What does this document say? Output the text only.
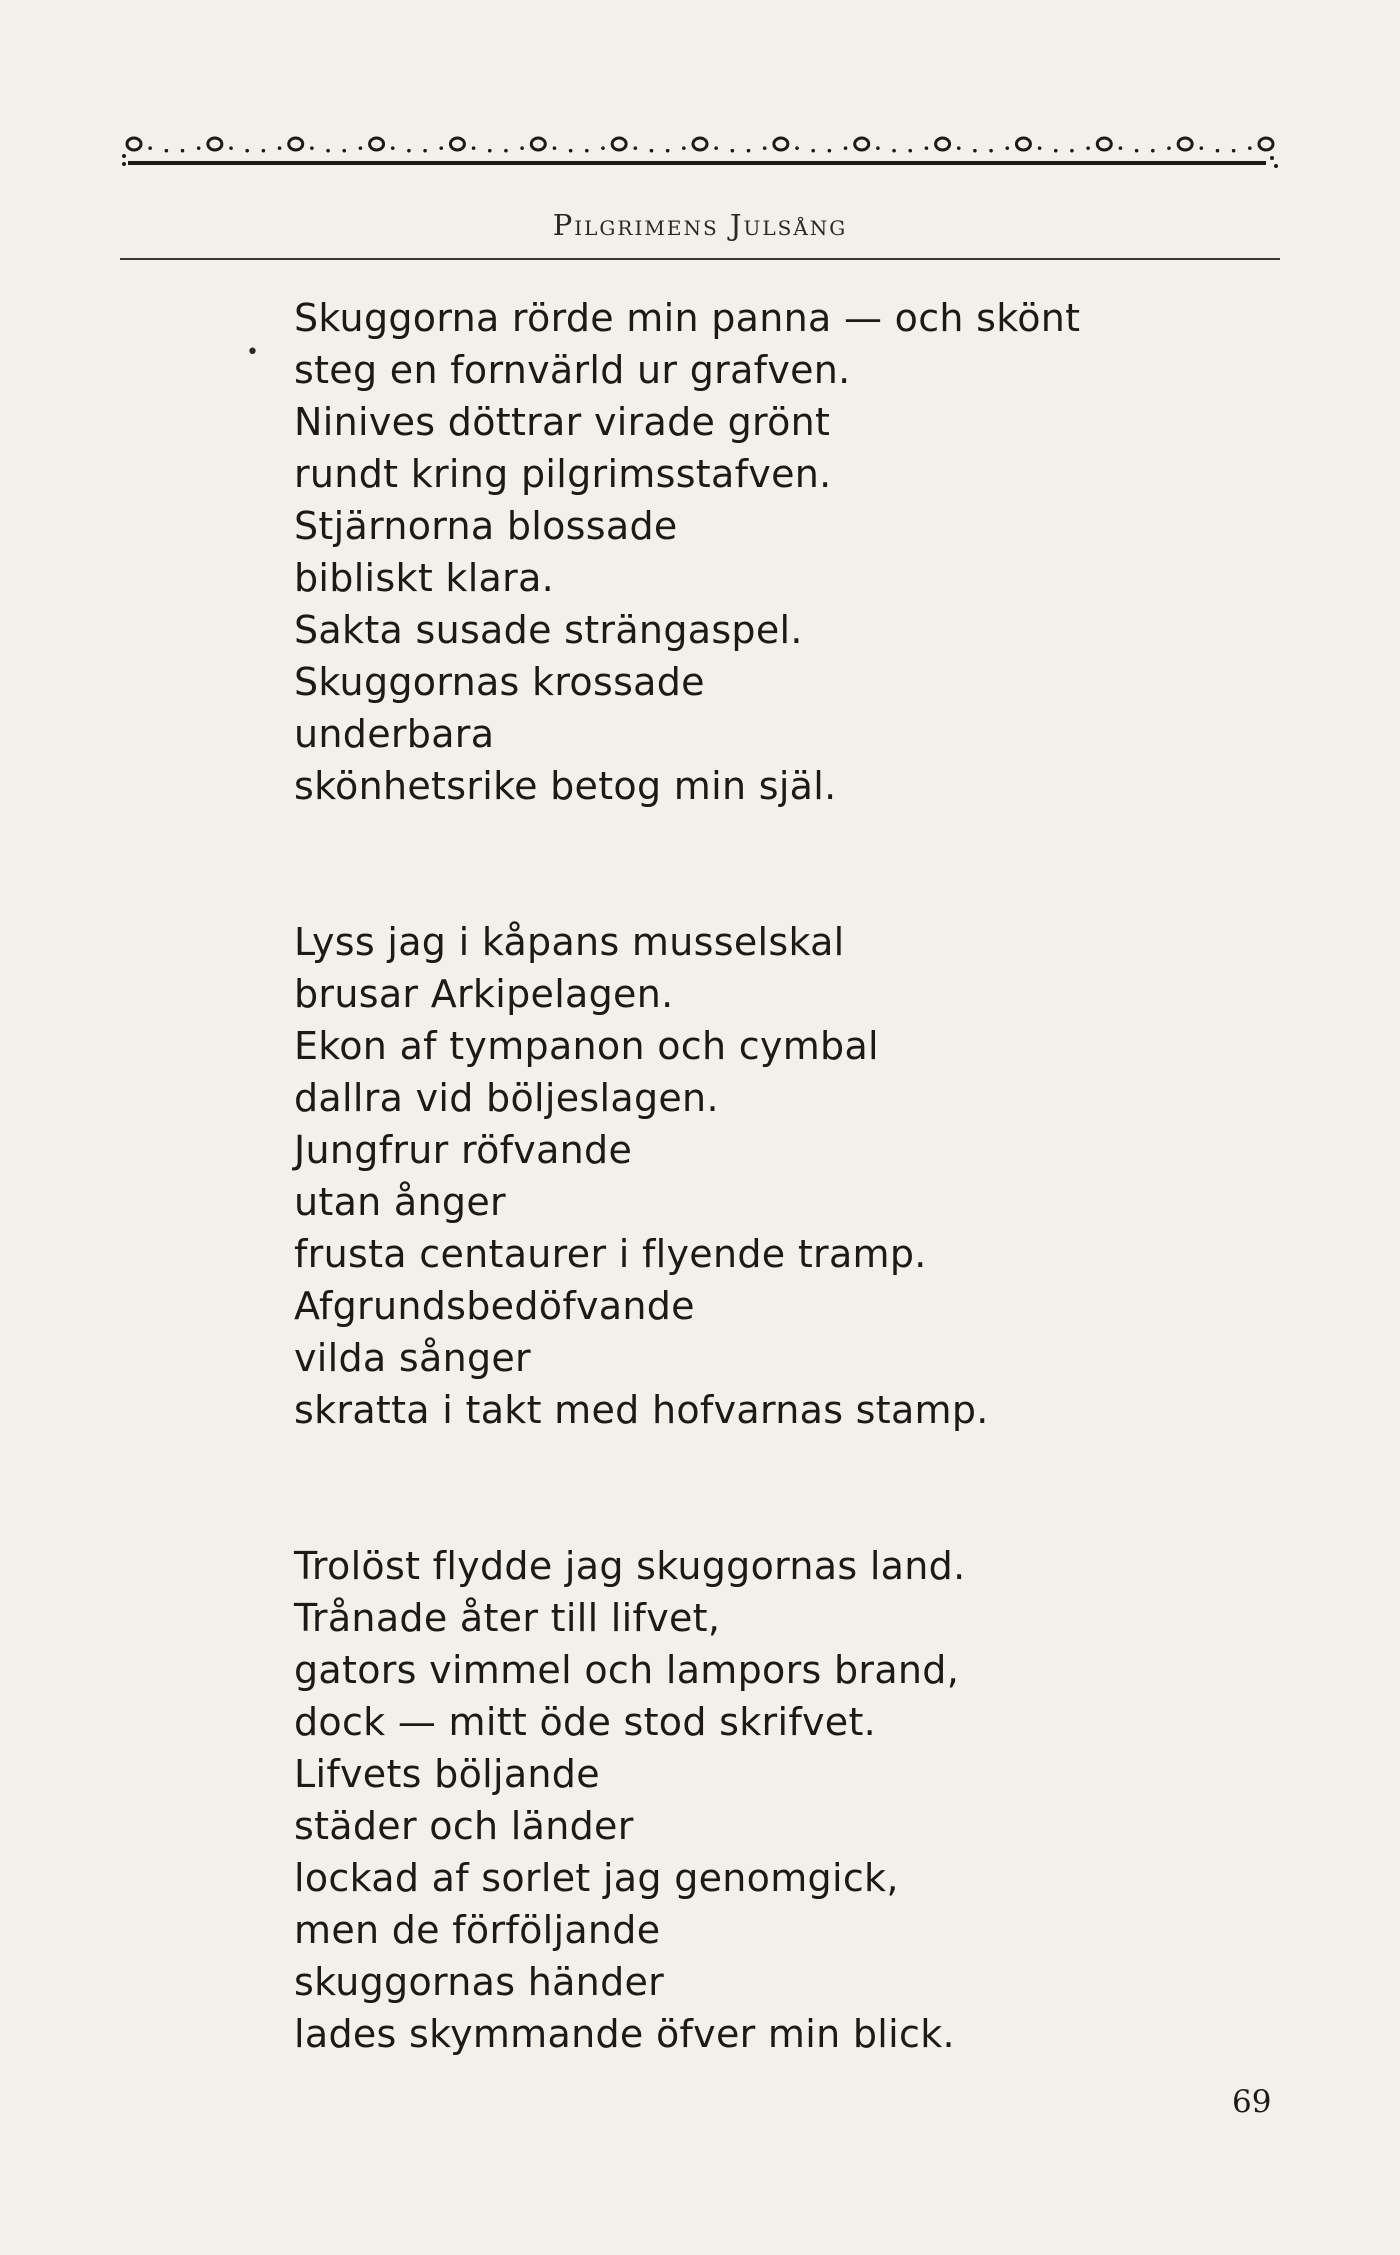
Pilgrimens Julsång
•
Skuggorna rörde min panna — och skönt
steg en fornvärld ur grafven.
Ninives döttrar virade grönt
rundt kring pilgrimsstafven.
Stjärnorna blossade
bibliskt klara.
Sakta susade strängaspel.
Skuggornas krossade
underbara
skönhetsrike betog min själ.
Lyss jag i kåpans musselskal
brusar Arkipelagen.
Ekon af tympanon och cymbal
dallra vid böljeslagen.
Jungfrur röfvande
utan ånger
frusta centaurer i flyende tramp.
Afgrundsbedöfvande
vilda sånger
skratta i takt med hofvarnas stamp.
Trolöst flydde jag skuggornas land.
Trånade åter till lifvet,
gators vimmel och lampors brand,
dock — mitt öde stod skrifvet.
Lifvets böljande
städer och länder
lockad af sorlet jag genomgick,
men de förföljande
skuggornas händer
lades skymmande öfver min blick.
69
